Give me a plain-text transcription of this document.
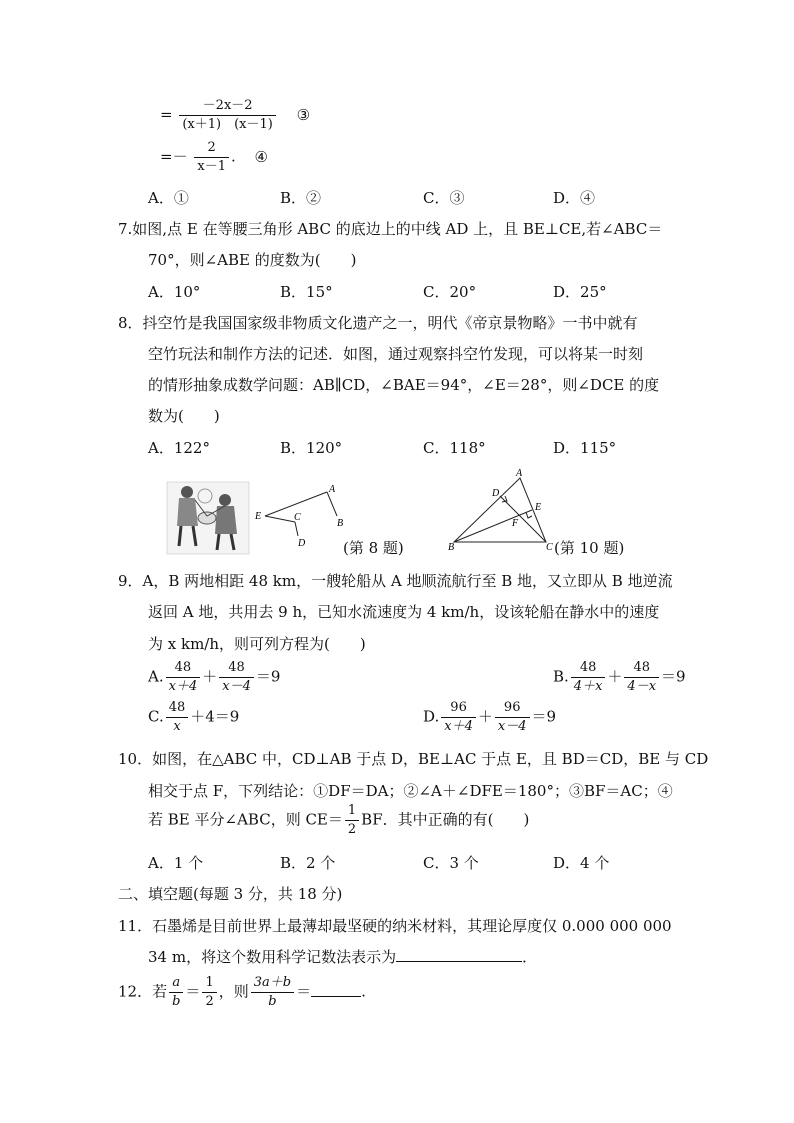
= $\frac{-2x-2}{(x+1) (x-1)}$ ③
=－ $\frac{2}{x-1}$ . ④
A．①	B．②	C．③	D．④
7.如图,点 E 在等腰三角形 ABC 的底边上的中线 AD 上，且 BE⊥CE,若∠ABC＝
70°，则∠ABE 的度数为(　　)
A．10°	B．15°	C．20°	D．25°
8．抖空竹是我国国家级非物质文化遗产之一，明代《帝京景物略》一书中就有
空竹玩法和制作方法的记述．如图，通过观察抖空竹发现，可以将某一时刻
的情形抽象成数学问题：AB∥CD，∠BAE＝94°，∠E＝28°，则∠DCE 的度
数为(　　)
A．122°	B．120°	C．118°	D．115°
A
B
C
D
E
(第 8 题)
A
B	C
D
E
F
(第 10 题)
9．A，B 两地相距 48 km，一艘轮船从 A 地顺流航行至 B 地，又立即从 B 地逆流
返回 A 地，共用去 9 h，已知水流速度为 4 km/h，设该轮船在静水中的速度
为 x km/h，则可列方程为(　　)
A. $\frac{48}{x+4} + \frac{48}{x-4} =9$	B. $\frac{48}{4+x} + \frac{48}{4-x} =9$
C. $\frac{48}{x} +4=9$	D. $\frac{96}{x+4} + \frac{96}{x-4} =9$
10．如图，在△ABC 中，CD⊥AB 于点 D，BE⊥AC 于点 E，且 BD＝CD，BE 与 CD
相交于点 F，下列结论：①DF＝DA；②∠A＋∠DFE＝180°；③BF＝AC；④
若 BE 平分∠ABC，则 $CE= \frac{1}{2}$ BF．其中正确的有(　　)
A．1 个	B．2 个	C．3 个	D．4 个
二、填空题(每题 3 分，共 18 分)
11．石墨烯是目前世界上最薄却最坚硬的纳米材料，其理论厚度仅 0.000 000 000
34 m，将这个数用科学记数法表示为	．
12．若 $\frac{a}{b} = \frac{1}{2}$ ，则 $\frac{3a+b}{b}$ ＝	.
